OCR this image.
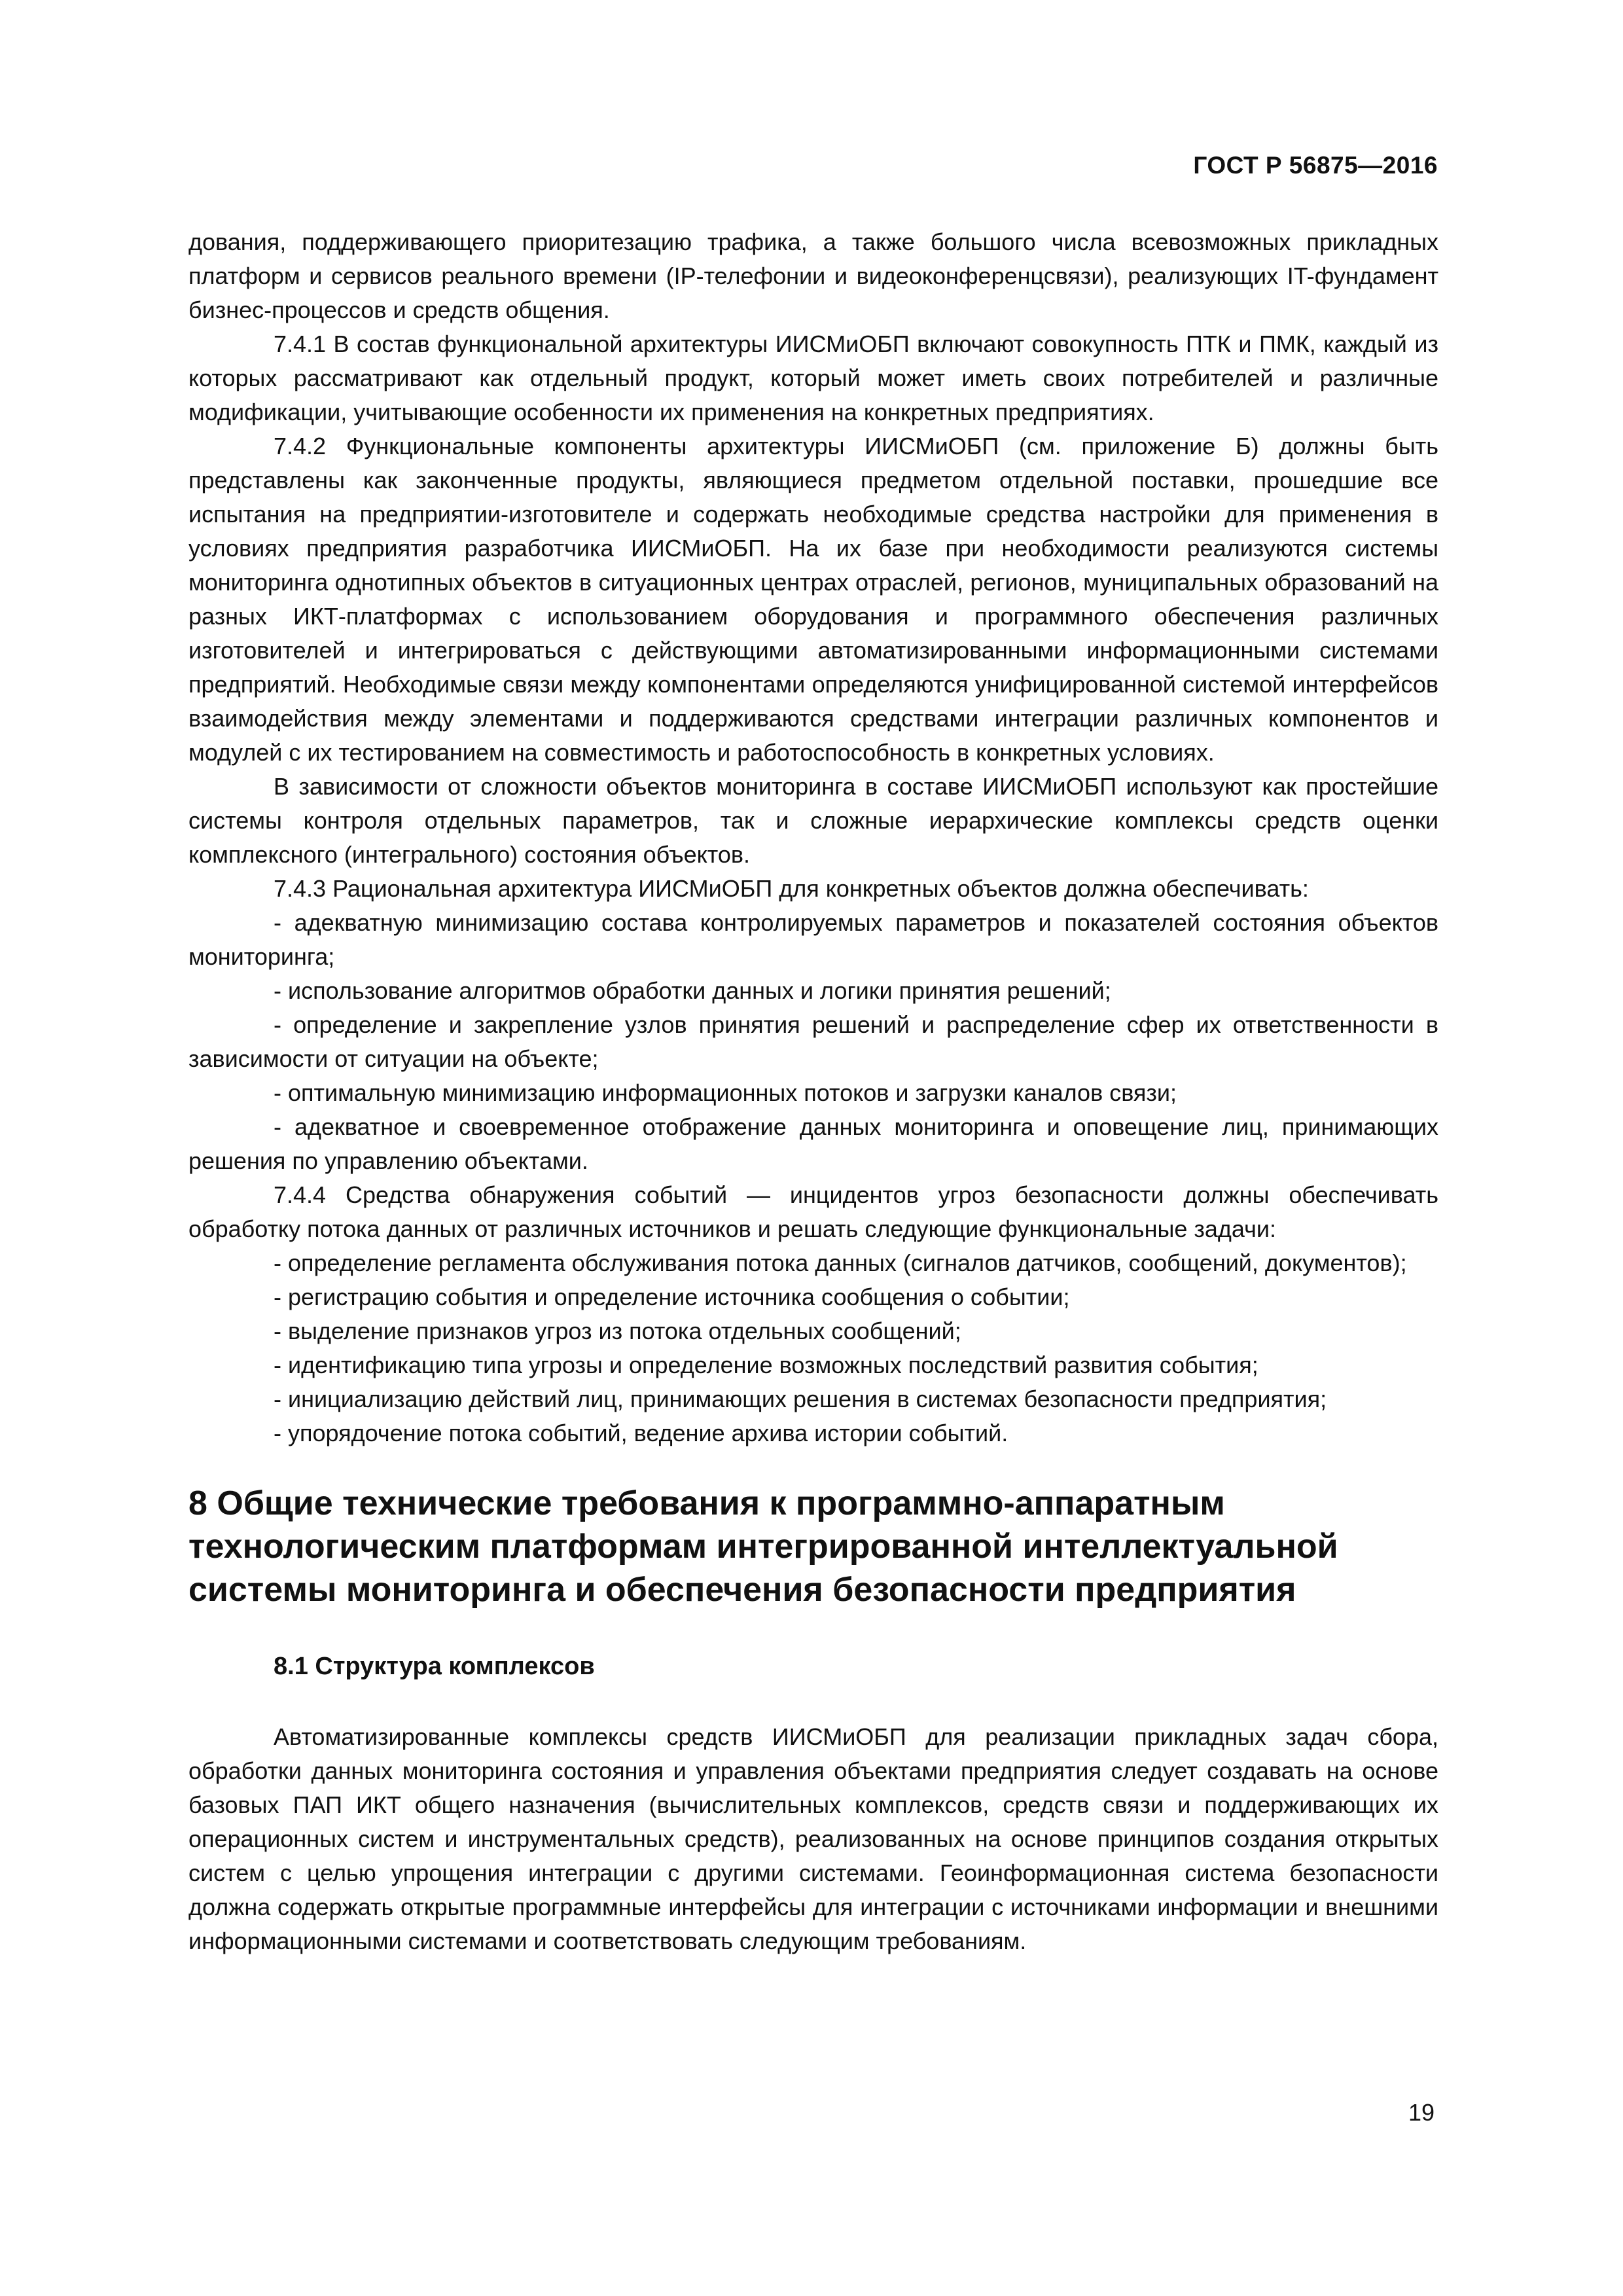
ГОСТ Р 56875—2016

дования, поддерживающего приоритезацию трафика, а также большого числа всевозможных прикладных платформ и сервисов реального времени (IP-телефонии и видеоконференцсвязи), реализующих IT-фундамент бизнес-процессов и средств общения.

7.4.1 В состав функциональной архитектуры ИИСМиОБП включают совокупность ПТК и ПМК, каждый из которых рассматривают как отдельный продукт, который может иметь своих потребителей и различные модификации, учитывающие особенности их применения на конкретных предприятиях.

7.4.2 Функциональные компоненты архитектуры ИИСМиОБП (см. приложение Б) должны быть представлены как законченные продукты, являющиеся предметом отдельной поставки, прошедшие все испытания на предприятии-изготовителе и содержать необходимые средства настройки для применения в условиях предприятия разработчика ИИСМиОБП. На их базе при необходимости реализуются системы мониторинга однотипных объектов в ситуационных центрах отраслей, регионов, муниципальных образований на разных ИКТ-платформах с использованием оборудования и программного обеспечения различных изготовителей и интегрироваться с действующими автоматизированными информационными системами предприятий. Необходимые связи между компонентами определяются унифицированной системой интерфейсов взаимодействия между элементами и поддерживаются средствами интеграции различных компонентов и модулей с их тестированием на совместимость и работоспособность в конкретных условиях.

В зависимости от сложности объектов мониторинга в составе ИИСМиОБП используют как простейшие системы контроля отдельных параметров, так и сложные иерархические комплексы средств оценки комплексного (интегрального) состояния объектов.

7.4.3 Рациональная архитектура ИИСМиОБП для конкретных объектов должна обеспечивать:

- адекватную минимизацию состава контролируемых параметров и показателей состояния объектов мониторинга;

- использование алгоритмов обработки данных и логики принятия решений;

- определение и закрепление узлов принятия решений и распределение сфер их ответственности в зависимости от ситуации на объекте;

- оптимальную минимизацию информационных потоков и загрузки каналов связи;

- адекватное и своевременное отображение данных мониторинга и оповещение лиц, принимающих решения по управлению объектами.

7.4.4 Средства обнаружения событий — инцидентов угроз безопасности должны обеспечивать обработку потока данных от различных источников и решать следующие функциональные задачи:

- определение регламента обслуживания потока данных (сигналов датчиков, сообщений, документов);

- регистрацию события и определение источника сообщения о событии;

- выделение признаков угроз из потока отдельных сообщений;

- идентификацию типа угрозы и определение возможных последствий развития события;

- инициализацию действий лиц, принимающих решения в системах безопасности предприятия;

- упорядочение потока событий, ведение архива истории событий.

8 Общие технические требования к программно-аппаратным технологическим платформам интегрированной интеллектуальной системы мониторинга и обеспечения безопасности предприятия
8.1 Структура комплексов

Автоматизированные комплексы средств ИИСМиОБП для реализации прикладных задач сбора, обработки данных мониторинга состояния и управления объектами предприятия следует создавать на основе базовых ПАП ИКТ общего назначения (вычислительных комплексов, средств связи и поддерживающих их операционных систем и инструментальных средств), реализованных на основе принципов создания открытых систем с целью упрощения интеграции с другими системами. Геоинформационная система безопасности должна содержать открытые программные интерфейсы для интеграции с источниками информации и внешними информационными системами и соответствовать следующим требованиям.

19
